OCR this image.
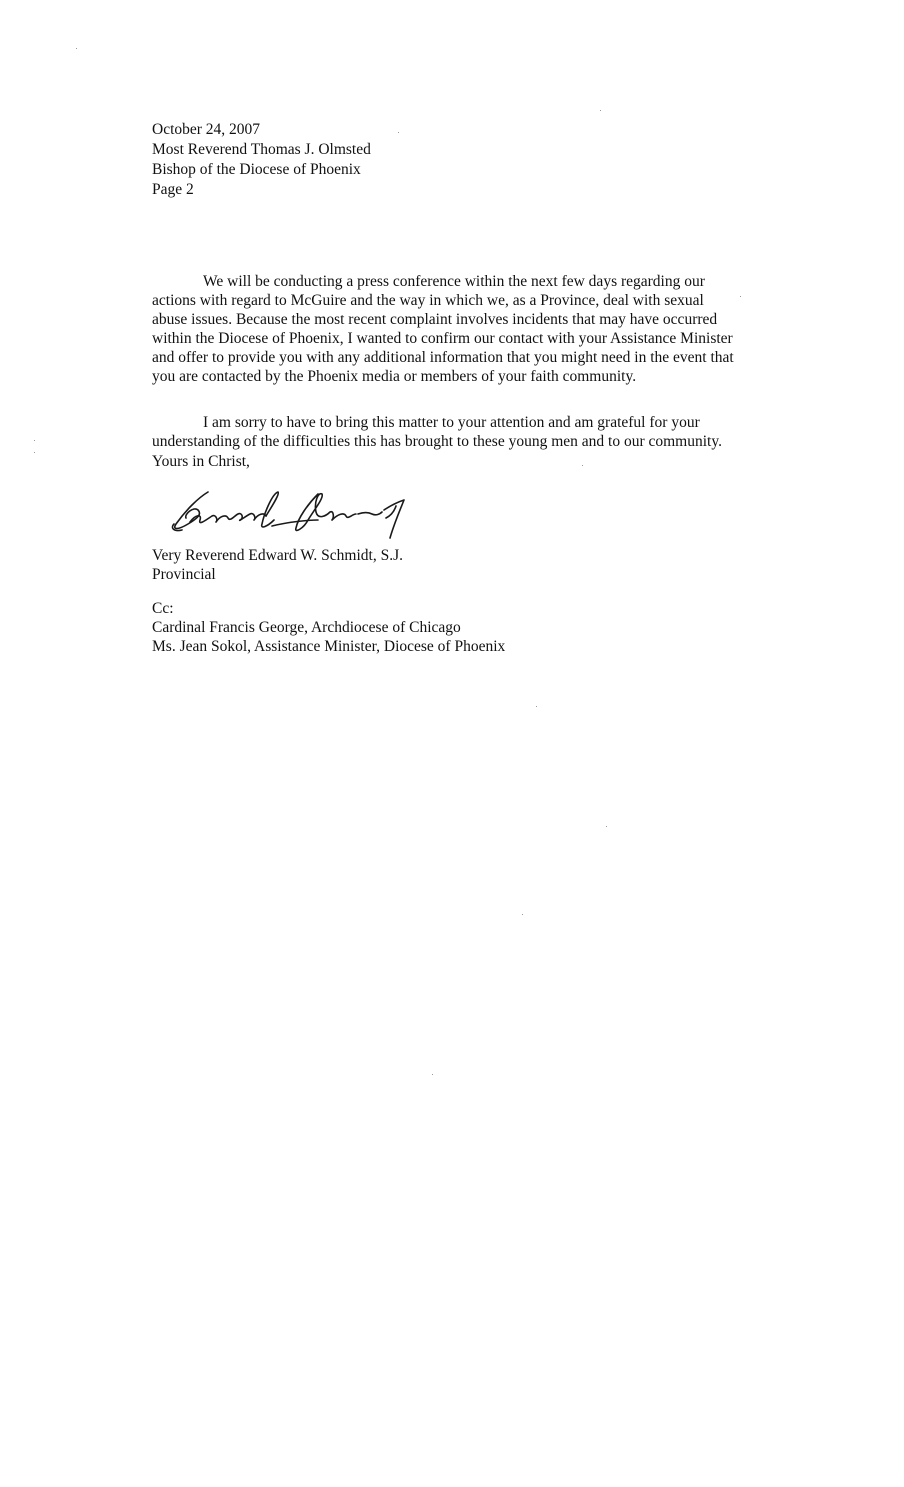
October 24, 2007
Most Reverend Thomas J. Olmsted
Bishop of the Diocese of Phoenix
Page 2
We will be conducting a press conference within the next few days regarding our
actions with regard to McGuire and the way in which we, as a Province, deal with sexual
abuse issues. Because the most recent complaint involves incidents that may have occurred
within the Diocese of Phoenix, I wanted to confirm our contact with your Assistance Minister
and offer to provide you with any additional information that you might need in the event that
you are contacted by the Phoenix media or members of your faith community.
I am sorry to have to bring this matter to your attention and am grateful for your
understanding of the difficulties this has brought to these young men and to our community.
Yours in Christ,
Very Reverend Edward W. Schmidt, S.J.
Provincial
Cc:
Cardinal Francis George, Archdiocese of Chicago
Ms. Jean Sokol, Assistance Minister, Diocese of Phoenix
